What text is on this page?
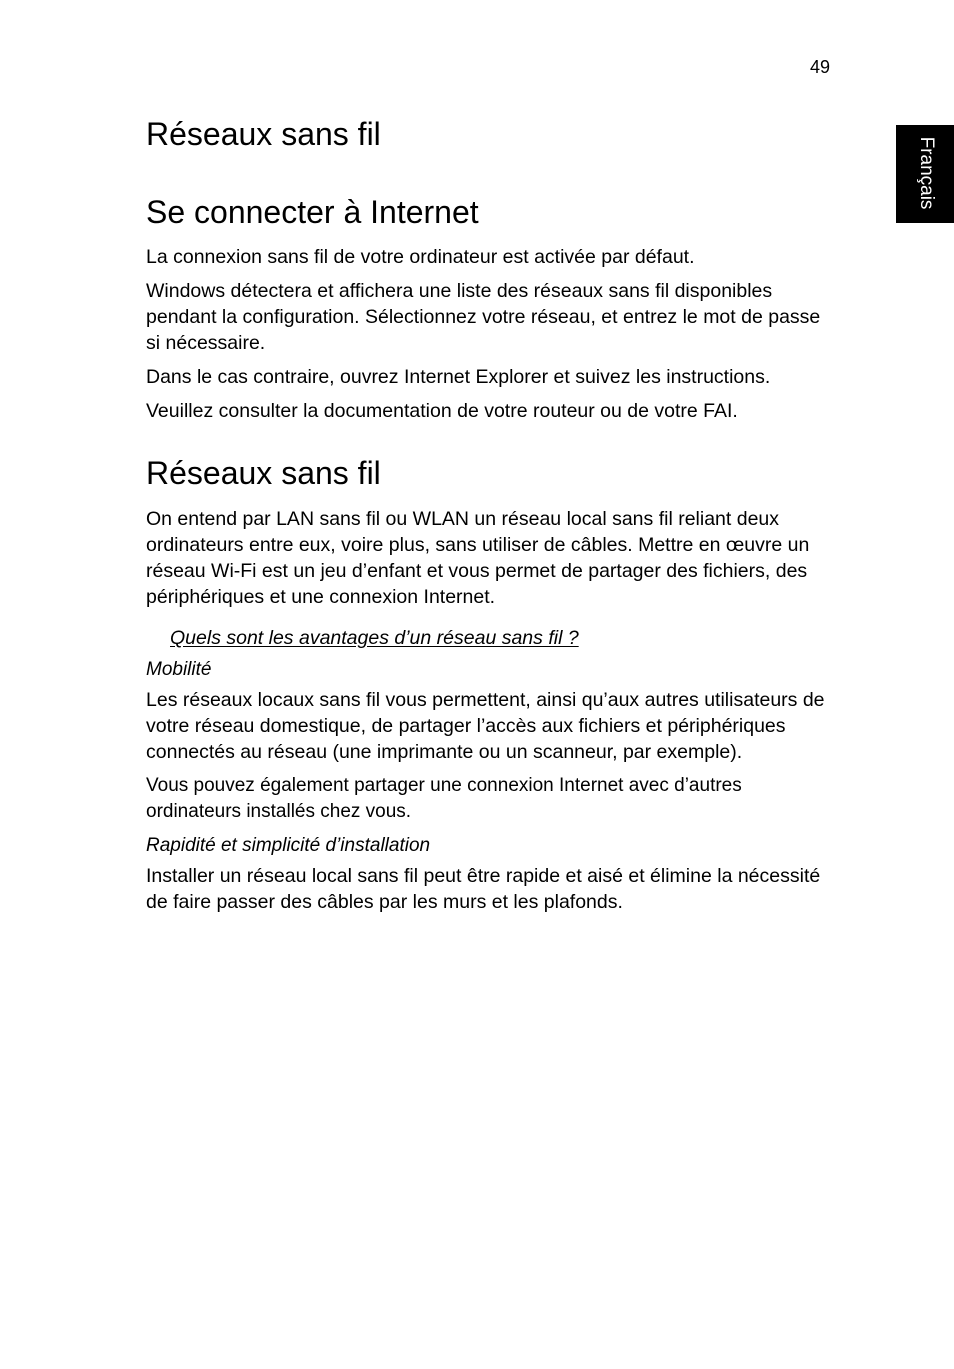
49
Français
Réseaux sans fil
Se connecter à Internet

La connexion sans fil de votre ordinateur est activée par défaut.

Windows détectera et affichera une liste des réseaux sans fil disponibles pendant la configuration. Sélectionnez votre réseau, et entrez le mot de passe si nécessaire.

Dans le cas contraire, ouvrez Internet Explorer et suivez les instructions.

Veuillez consulter la documentation de votre routeur ou de votre FAI.

Réseaux sans fil

On entend par LAN sans fil ou WLAN un réseau local sans fil reliant deux ordinateurs entre eux, voire plus, sans utiliser de câbles. Mettre en œuvre un réseau Wi-Fi est un jeu d’enfant et vous permet de partager des fichiers, des périphériques et une connexion Internet.

Quels sont les avantages d’un réseau sans fil ?

Mobilité

Les réseaux locaux sans fil vous permettent, ainsi qu’aux autres utilisateurs de votre réseau domestique, de partager l’accès aux fichiers et périphériques connectés au réseau (une imprimante ou un scanneur, par exemple).

Vous pouvez également partager une connexion Internet avec d’autres ordinateurs installés chez vous.

Rapidité et simplicité d’installation

Installer un réseau local sans fil peut être rapide et aisé et élimine la nécessité de faire passer des câbles par les murs et les plafonds.
